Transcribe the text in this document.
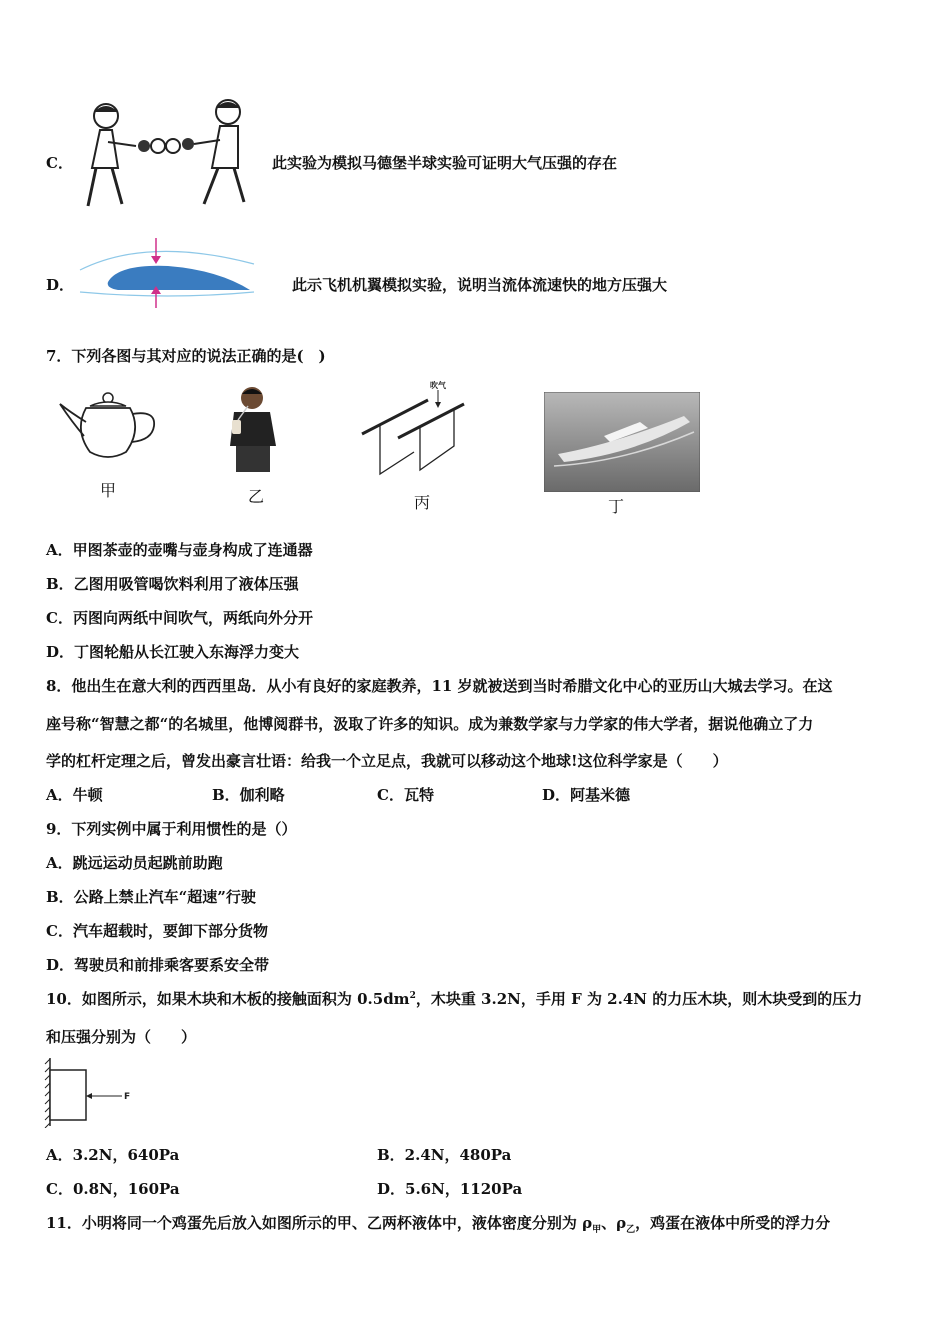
C．	此实验为模拟马德堡半球实验可证明大气压强的存在
D．	此示飞机机翼模拟实验，说明当流体流速快的地方压强大
7．下列各图与其对应的说法正确的是(　)
甲	乙
吹气
丙	丁
A．甲图茶壶的壶嘴与壶身构成了连通器
B．乙图用吸管喝饮料利用了液体压强
C．丙图向两纸中间吹气，两纸向外分开
D．丁图轮船从长江驶入东海浮力变大
8．他出生在意大利的西西里岛．从小有良好的家庭教养，11 岁就被送到当时希腊文化中心的亚历山大城去学习。在这
座号称“智慧之都“的名城里，他博阅群书，汲取了许多的知识。成为兼数学家与力学家的伟大学者，据说他确立了力
学的杠杆定理之后，曾发出豪言壮语：给我一个立足点，我就可以移动这个地球!这位科学家是（　　）
A．牛顿	B．伽利略	C．瓦特	D．阿基米德
9．下列实例中属于利用惯性的是（）
A．跳远运动员起跳前助跑
B．公路上禁止汽车“超速”行驶
C．汽车超载时，要卸下部分货物
D．驾驶员和前排乘客要系安全带
10．如图所示，如果木块和木板的接触面积为 $0.5dm^2$，木块重 3.2N，手用 F 为 2.4N 的力压木块，则木块受到的压力
和压强分别为（　　）
F
A．3.2N，640Pa	B．2.4N，480Pa
C．0.8N，160Pa	D．5.6N，1120Pa
11．小明将同一个鸡蛋先后放入如图所示的甲、乙两杯液体中，液体密度分别为 $\rho_甲$、$\rho_乙$，鸡蛋在液体中所受的浮力分
